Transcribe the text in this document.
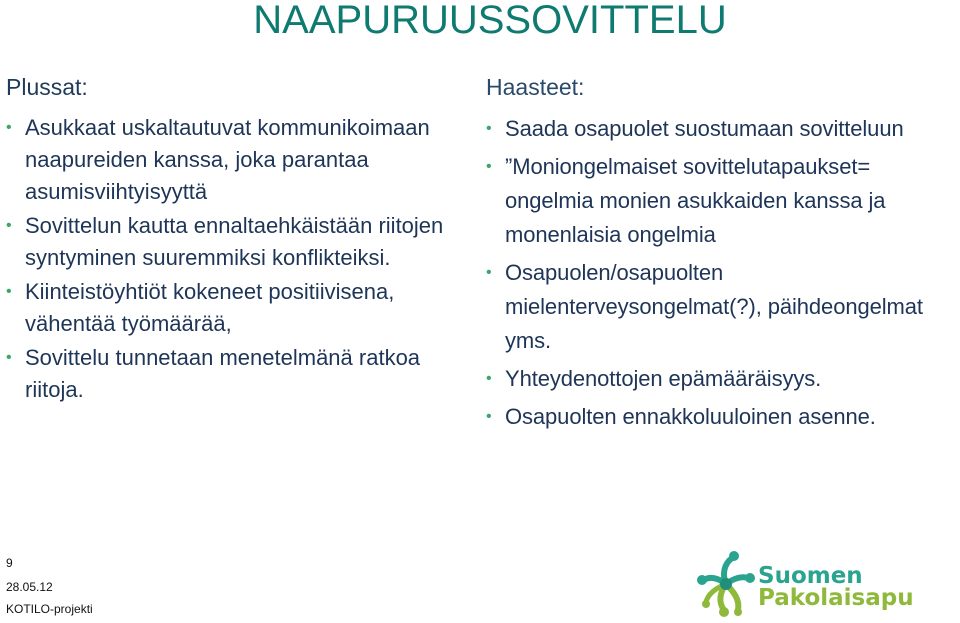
NAAPURUUSSOVITTELU

Plussat:

• Asukkaat uskaltautuvat kommunikoimaan naapureiden kanssa, joka parantaa asumisviihtyisyyttä
• Sovittelun kautta ennaltaehkäistään riitojen syntyminen suuremmiksi konflikteiksi.
• Kiinteistöyhtiöt kokeneet positiivisena, vähentää työmäärää,
• Sovittelu tunnetaan menetelmänä ratkoa riitoja.

Haasteet:

• Saada osapuolet suostumaan sovitteluun
• ”Moniongelmaiset sovittelutapaukset= ongelmia monien asukkaiden kanssa ja monenlaisia ongelmia
• Osapuolen/osapuolten mielenterveysongelmat(?), päihdeongelmat yms.
• Yhteydenottojen epämääräisyys.
• Osapuolten ennakkoluuloinen asenne.
9
28.05.12
KOTILO-projekti
Suomen
Pakolaisapu
